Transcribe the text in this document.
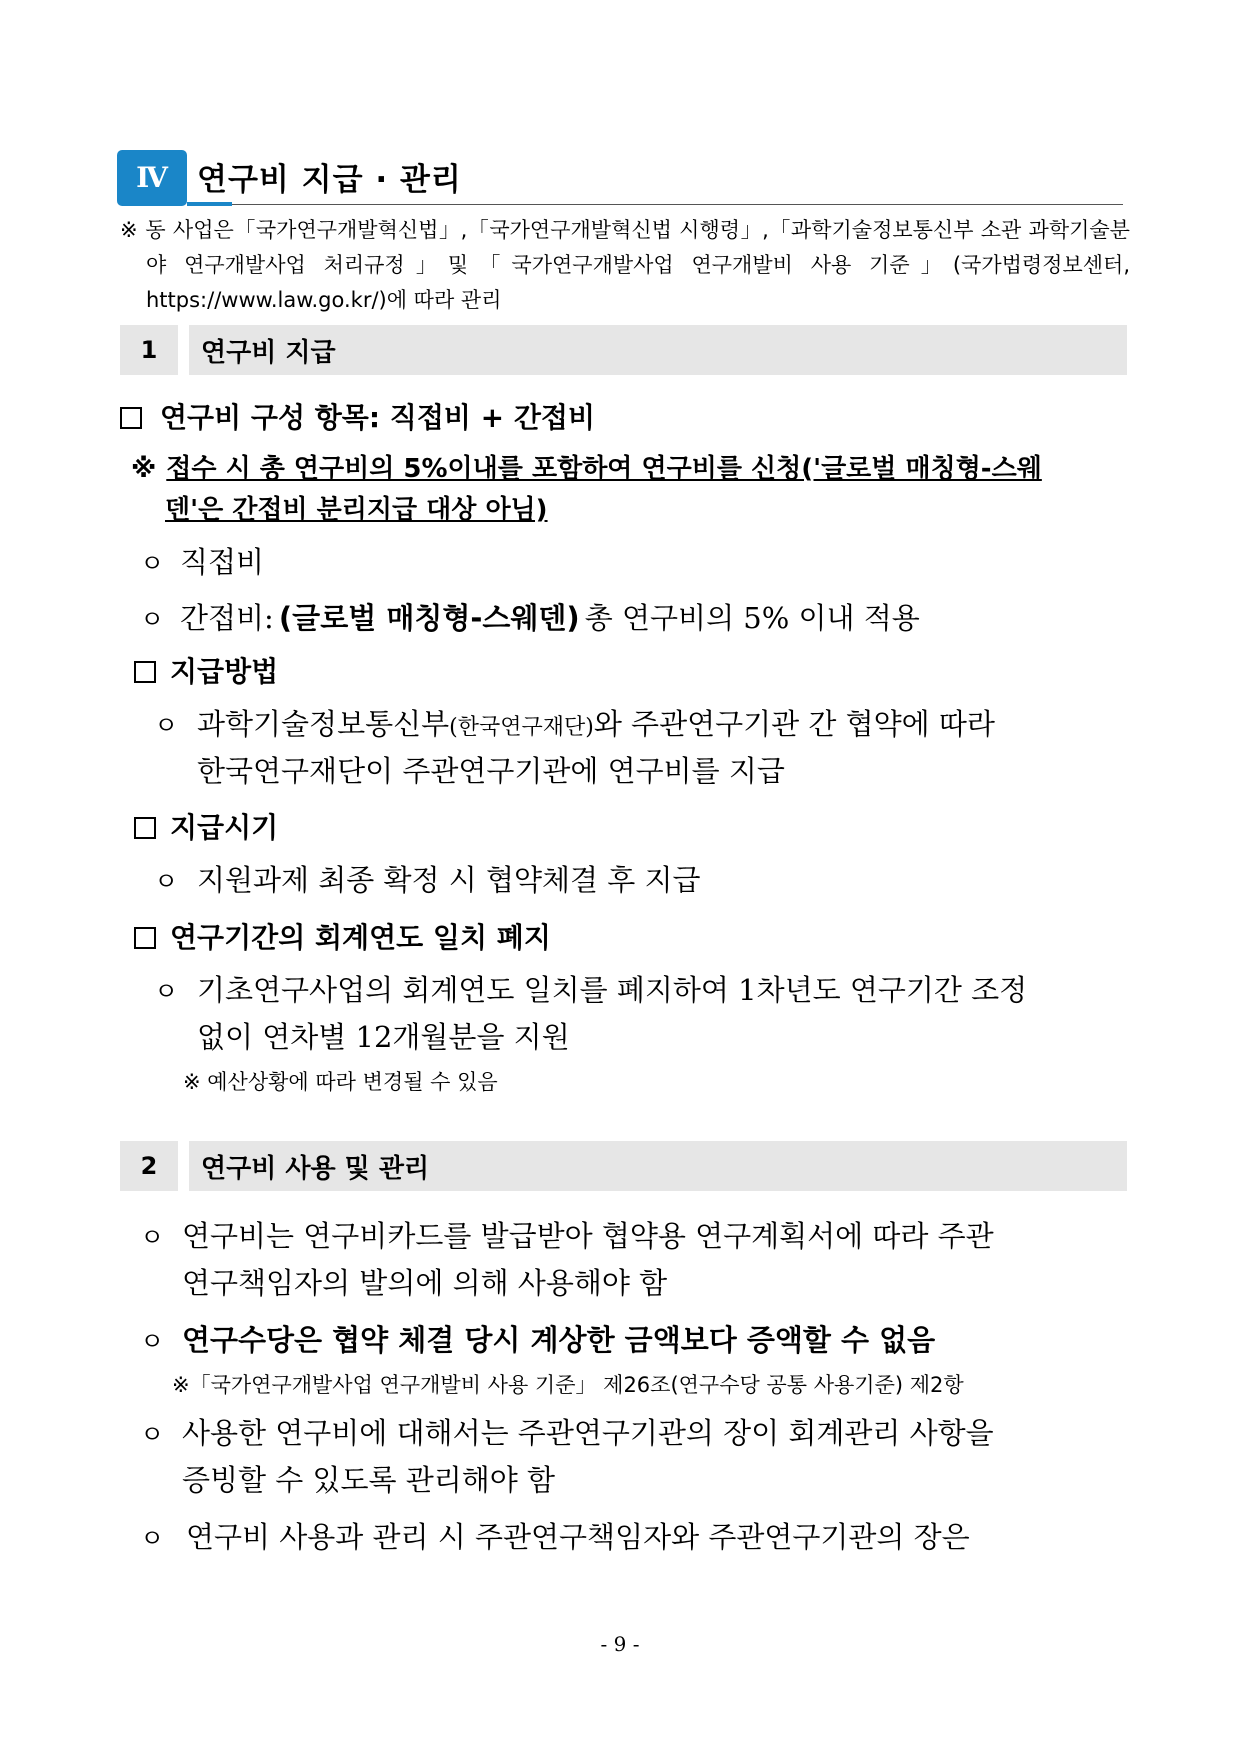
Ⅳ 연구비 지급 · 관리
※ 동 사업은「국가연구개발혁신법」,「국가연구개발혁신법 시행령」,「과학기술정보통신부 소관 과학기술분야 연구개발사업 처리규정」및「국가연구개발사업 연구개발비 사용 기준」(국가법령정보센터, https://www.law.go.kr/)에 따라 관리
1	연구비 지급
연구비 구성 항목: 직접비 + 간접비
※ 접수 시 총 연구비의 5%이내를 포함하여 연구비를 신청('글로벌 매칭형-스웨
덴'은 간접비 분리지급 대상 아님)
ㅇ 직접비
ㅇ 간접비: (글로벌 매칭형-스웨덴) 총 연구비의 5% 이내 적용
지급방법
ㅇ 과학기술정보통신부(한국연구재단)와 주관연구기관 간 협약에 따라
한국연구재단이 주관연구기관에 연구비를 지급
지급시기
ㅇ 지원과제 최종 확정 시 협약체결 후 지급
연구기간의 회계연도 일치 폐지
ㅇ 기초연구사업의 회계연도 일치를 폐지하여 1차년도 연구기간 조정
없이 연차별 12개월분을 지원
※ 예산상황에 따라 변경될 수 있음
2	연구비 사용 및 관리
ㅇ 연구비는 연구비카드를 발급받아 협약용 연구계획서에 따라 주관
연구책임자의 발의에 의해 사용해야 함
ㅇ 연구수당은 협약 체결 당시 계상한 금액보다 증액할 수 없음
※「국가연구개발사업 연구개발비 사용 기준」 제26조(연구수당 공통 사용기준) 제2항
ㅇ 사용한 연구비에 대해서는 주관연구기관의 장이 회계관리 사항을
증빙할 수 있도록 관리해야 함
ㅇ 연구비 사용과 관리 시 주관연구책임자와 주관연구기관의 장은
- 9 -
